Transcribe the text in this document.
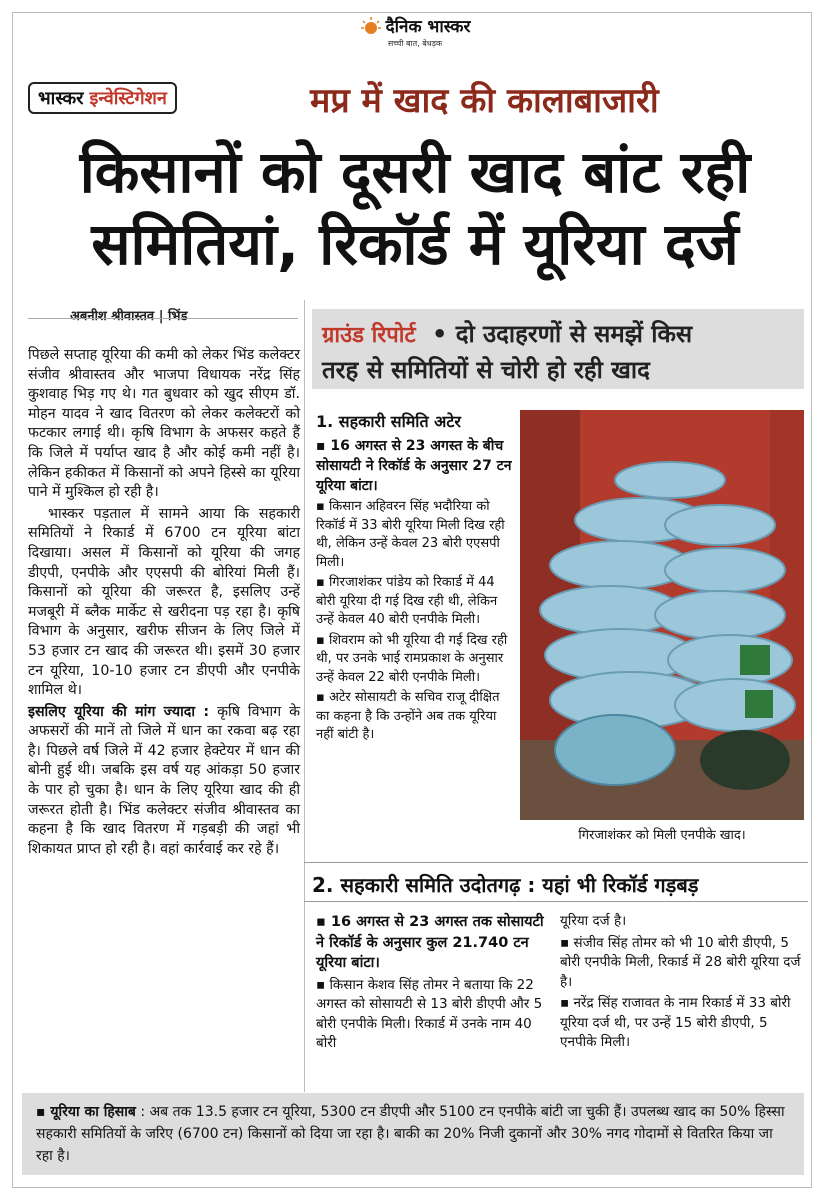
दैनिक भास्कर
सच्ची बात, बेधड़क
भास्कर इन्वेस्टिगेशन	मप्र में खाद की कालाबाजारी
किसानों को दूसरी खाद बांट रही
समितियां, रिकॉर्ड में यूरिया दर्ज
अबनीश श्रीवास्तव | भिंड

पिछले सप्ताह यूरिया की कमी को लेकर भिंड कलेक्टर संजीव श्रीवास्तव और भाजपा विधायक नरेंद्र सिंह कुशवाह भिड़ गए थे। गत बुधवार को खुद सीएम डॉ. मोहन यादव ने खाद वितरण को लेकर कलेक्टरों को फटकार लगाई थी। कृषि विभाग के अफसर कहते हैं कि जिले में पर्याप्त खाद है और कोई कमी नहीं है। लेकिन हकीकत में किसानों को अपने हिस्से का यूरिया पाने में मुश्किल हो रही है।

भास्कर पड़ताल में सामने आया कि सहकारी समितियों ने रिकार्ड में 6700 टन यूरिया बांटा दिखाया। असल में किसानों को यूरिया की जगह डीएपी, एनपीके और एएसपी की बोरियां मिली हैं। किसानों को यूरिया की जरूरत है, इसलिए उन्हें मजबूरी में ब्लैक मार्केट से खरीदना पड़ रहा है। कृषि विभाग के अनुसार, खरीफ सीजन के लिए जिले में 53 हजार टन खाद की जरूरत थी। इसमें 30 हजार टन यूरिया, 10-10 हजार टन डीएपी और एनपीके शामिल थे।

इसलिए यूरिया की मांग ज्यादा : कृषि विभाग के अफसरों की मानें तो जिले में धान का रकवा बढ़ रहा है। पिछले वर्ष जिले में 42 हजार हेक्टेयर में धान की बोनी हुई थी। जबकि इस वर्ष यह आंकड़ा 50 हजार के पार हो चुका है। धान के लिए यूरिया खाद की ही जरूरत होती है। भिंड कलेक्टर संजीव श्रीवास्तव का कहना है कि खाद वितरण में गड़बड़ी की जहां भी शिकायत प्राप्त हो रही है। वहां कार्रवाई कर रहे हैं।

ग्राउंड रिपोर्ट • दो उदाहरणों से समझें किस
तरह से समितियों से चोरी हो रही खाद
1. सहकारी समिति अटेर

▪ 16 अगस्त से 23 अगस्त के बीच सोसायटी ने रिकॉर्ड के अनुसार 27 टन यूरिया बांटा।

▪ किसान अहिवरन सिंह भदौरिया को रिकॉर्ड में 33 बोरी यूरिया मिली दिख रही थी, लेकिन उन्हें केवल 23 बोरी एएसपी मिली।

▪ गिरजाशंकर पांडेय को रिकार्ड में 44 बोरी यूरिया दी गई दिख रही थी, लेकिन उन्हें केवल 40 बोरी एनपीके मिली।

▪ शिवराम को भी यूरिया दी गई दिख रही थी, पर उनके भाई रामप्रकाश के अनुसार उन्हें केवल 22 बोरी एनपीके मिली।

▪ अटेर सोसायटी के सचिव राजू दीक्षित का कहना है कि उन्होंने अब तक यूरिया नहीं बांटी है।

गिरजाशंकर को मिली एनपीके खाद।
2. सहकारी समिति उदोतगढ़ : यहां भी रिकॉर्ड गड़बड़

▪ 16 अगस्त से 23 अगस्त तक सोसायटी ने रिकॉर्ड के अनुसार कुल 21.740 टन यूरिया बांटा।

▪ किसान केशव सिंह तोमर ने बताया कि 22 अगस्त को सोसायटी से 13 बोरी डीएपी और 5 बोरी एनपीके मिली। रिकार्ड में उनके नाम 40 बोरी

यूरिया दर्ज है।

▪ संजीव सिंह तोमर को भी 10 बोरी डीएपी, 5 बोरी एनपीके मिली, रिकार्ड में 28 बोरी यूरिया दर्ज है।

▪ नरेंद्र सिंह राजावत के नाम रिकार्ड में 33 बोरी यूरिया दर्ज थी, पर उन्हें 15 बोरी डीएपी, 5 एनपीके मिली।

▪ यूरिया का हिसाब : अब तक 13.5 हजार टन यूरिया, 5300 टन डीएपी और 5100 टन एनपीके बांटी जा चुकी हैं। उपलब्ध खाद का 50% हिस्सा सहकारी समितियों के जरिए (6700 टन) किसानों को दिया जा रहा है। बाकी का 20% निजी दुकानों और 30% नगद गोदामों से वितरित किया जा रहा है।
